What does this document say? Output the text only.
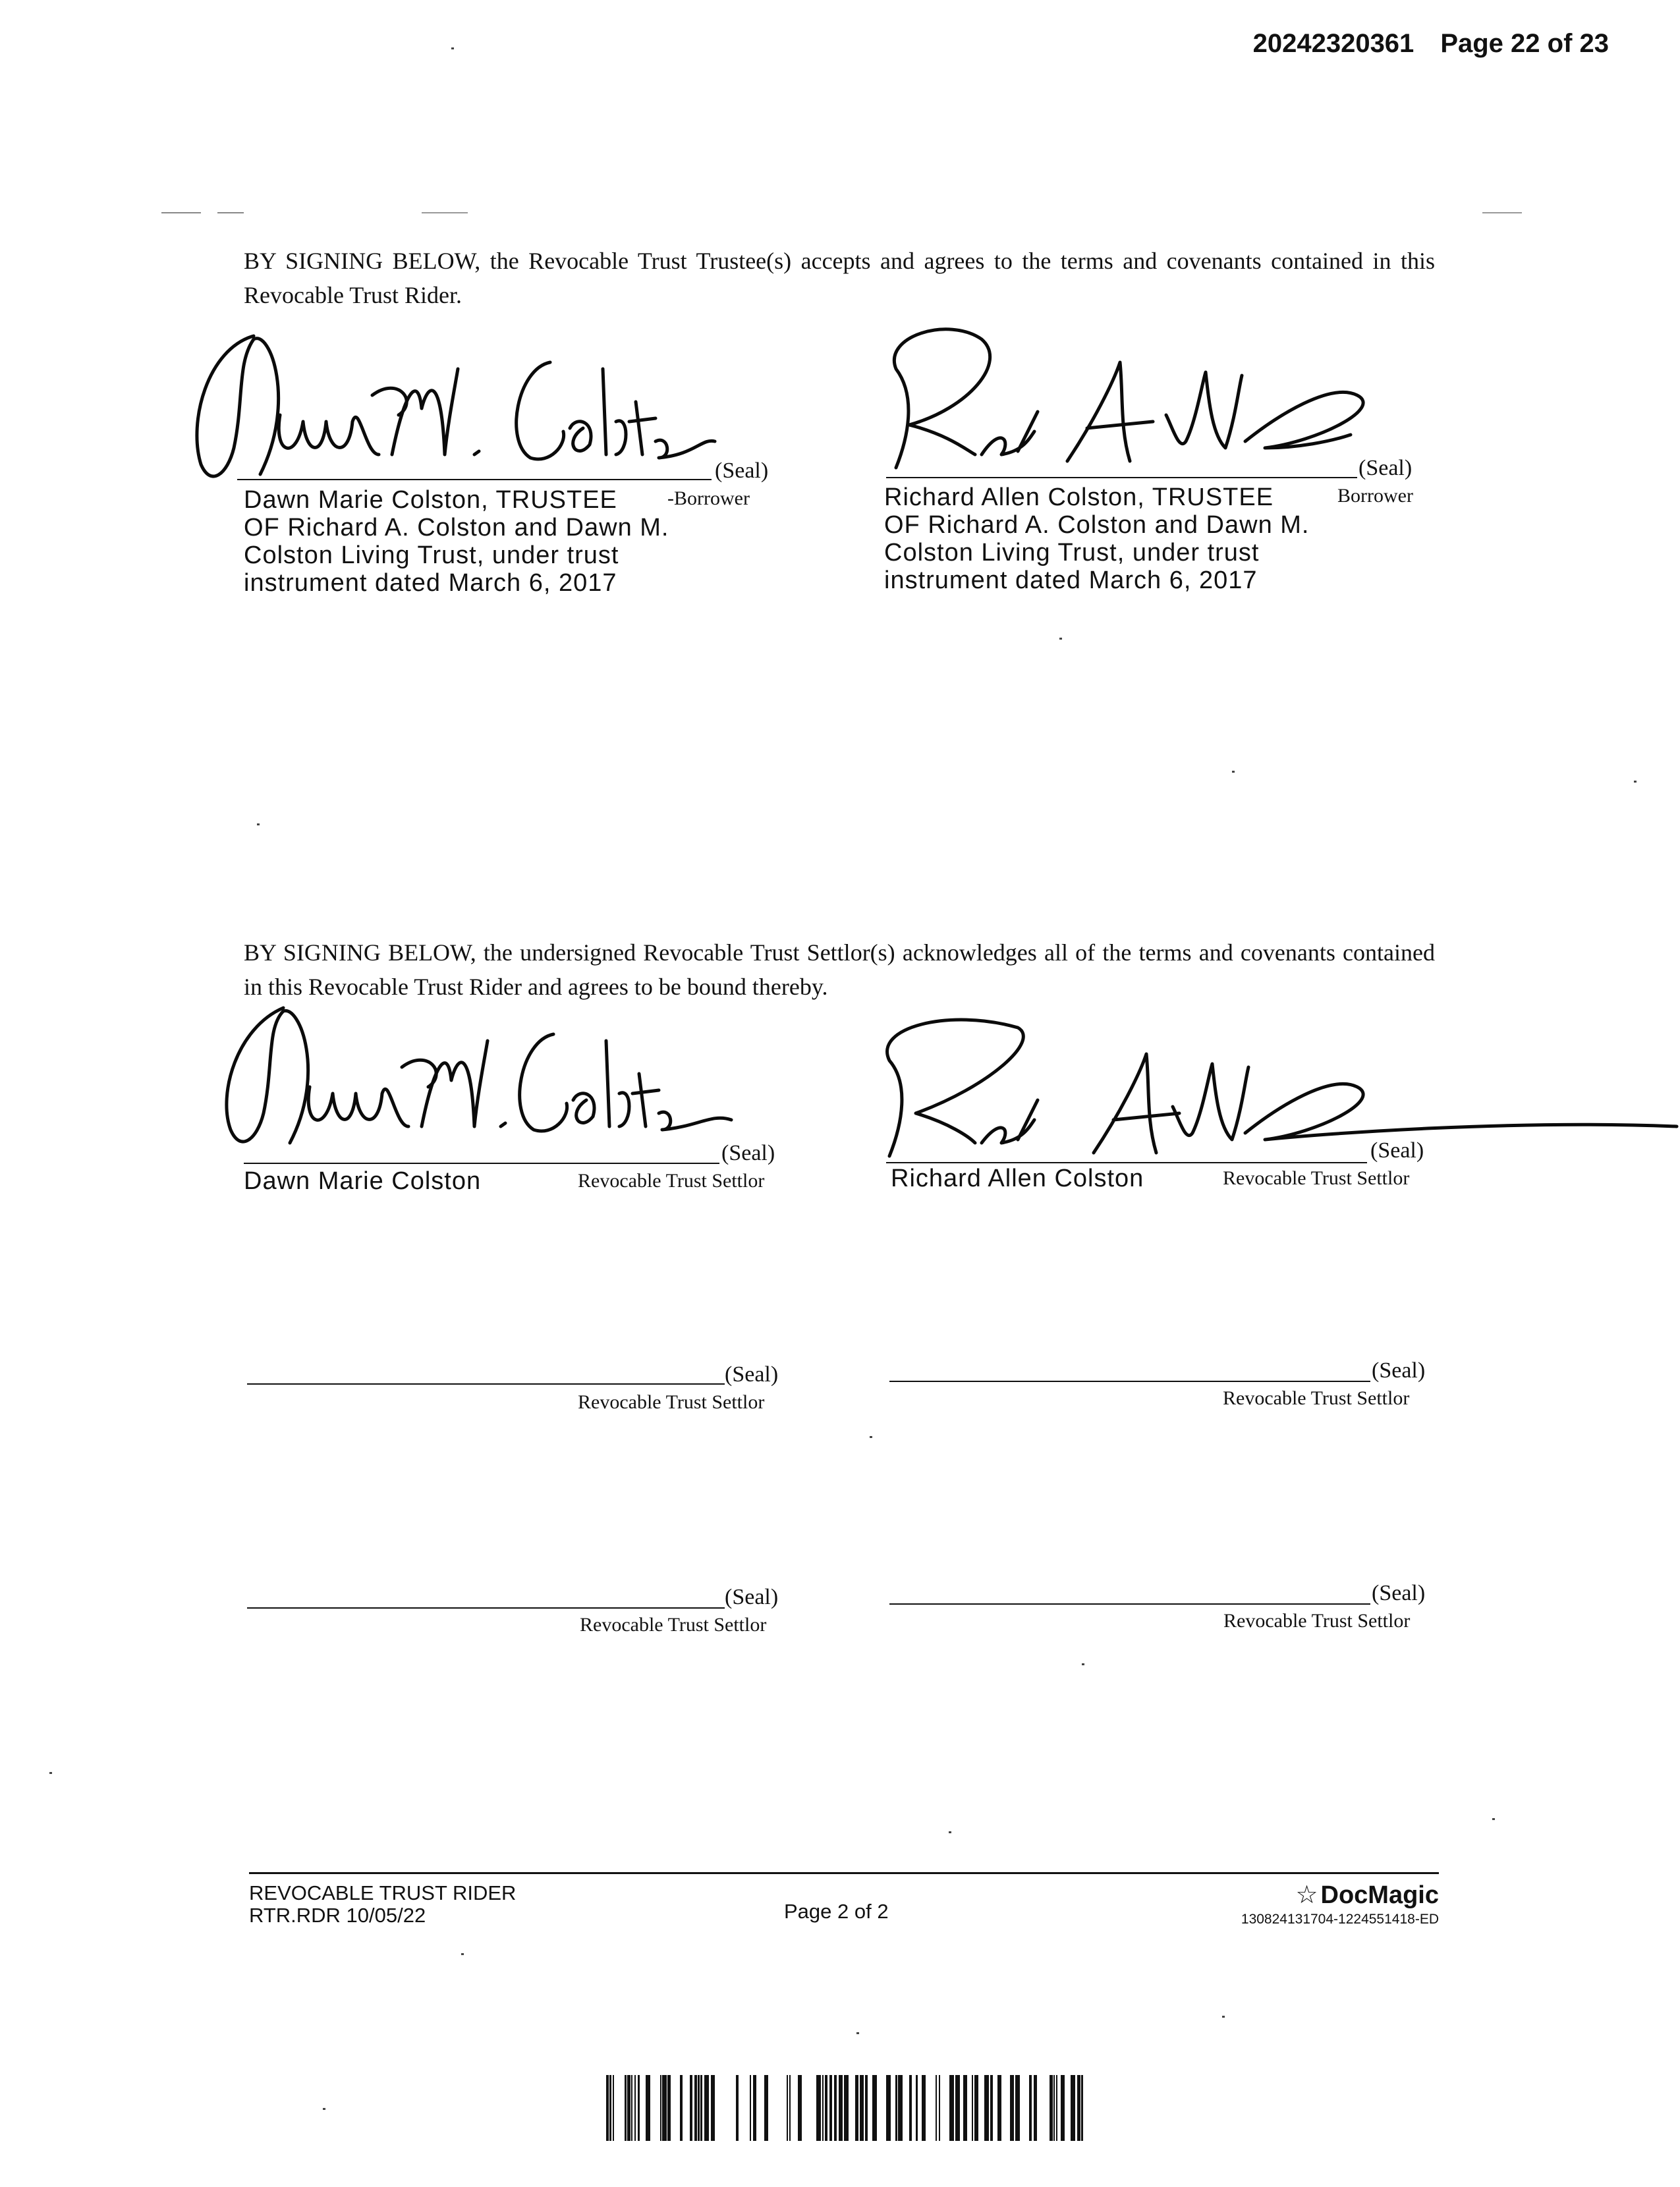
20242320361 Page 22 of 23
BY SIGNING BELOW, the Revocable Trust Trustee(s) accepts and agrees to the terms and covenants contained in this Revocable Trust Rider.
(Seal)
Dawn Marie Colston, TRUSTEE	-Borrower
OF Richard A. Colston and Dawn M.
Colston Living Trust, under trust
instrument dated March 6, 2017
(Seal)
Richard Allen Colston, TRUSTEE	Borrower
OF Richard A. Colston and Dawn M.
Colston Living Trust, under trust
instrument dated March 6, 2017
BY SIGNING BELOW, the undersigned Revocable Trust Settlor(s) acknowledges all of the terms and covenants contained in this Revocable Trust Rider and agrees to be bound thereby.
(Seal)
Dawn Marie Colston	Revocable Trust Settlor
(Seal)
Richard Allen Colston	Revocable Trust Settlor
(Seal)
Revocable Trust Settlor
(Seal)
Revocable Trust Settlor
(Seal)
Revocable Trust Settlor
(Seal)
Revocable Trust Settlor
REVOCABLE TRUST RIDER
RTR.RDR 10/05/22	Page 2 of 2
☆ DocMagic
130824131704-1224551418-ED
